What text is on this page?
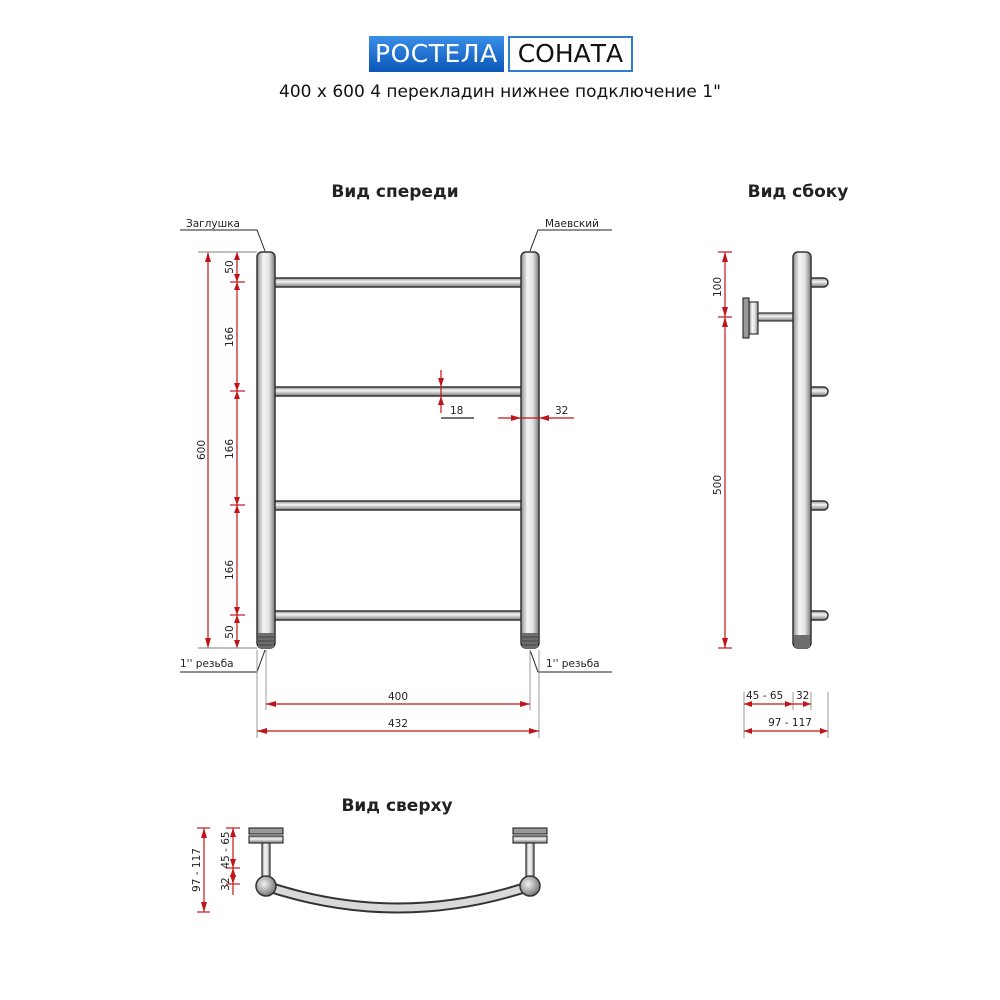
РОСТЕЛА СОНАТА
400 x 600 4 перекладин нижнее подключение 1"
Вид спереди	Вид сбоку
Вид сверху
Заглушка	Маевский
1'' резьба	1'' резьба
600
50
166
166
166
50
18	32
400
432
100
500
45 - 65 32
97 - 117
97 - 117 32
45 - 65
